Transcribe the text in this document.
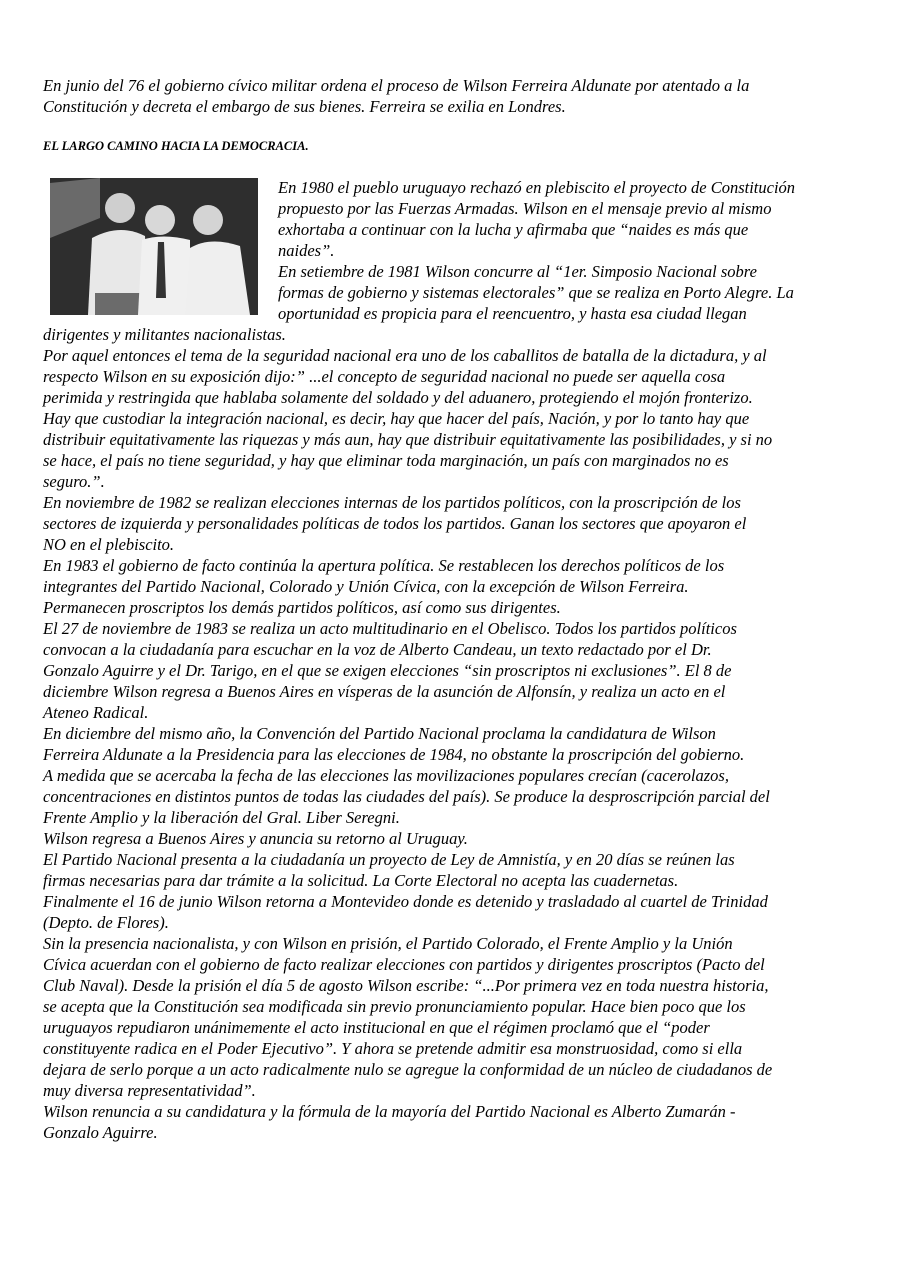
En junio del 76 el gobierno cívico militar ordena el proceso de Wilson Ferreira Aldunate por atentado a la
Constitución y decreta el embargo de sus bienes. Ferreira se exilia en Londres.
EL LARGO CAMINO HACIA LA DEMOCRACIA.
En 1980 el pueblo uruguayo rechazó en plebiscito el proyecto de Constitución
propuesto por las Fuerzas Armadas. Wilson en el mensaje previo al mismo
exhortaba a continuar con la lucha y afirmaba que “naides es más que
naides”.
En setiembre de 1981 Wilson concurre al “1er. Simposio Nacional sobre
formas de gobierno y sistemas electorales” que se realiza en Porto Alegre. La
oportunidad es propicia para el reencuentro, y hasta esa ciudad llegan
dirigentes y militantes nacionalistas.
Por aquel entonces el tema de la seguridad nacional era uno de los caballitos de batalla de la dictadura, y al
respecto Wilson en su exposición dijo:” ...el concepto de seguridad nacional no puede ser aquella cosa
perimida y restringida que hablaba solamente del soldado y del aduanero, protegiendo el mojón fronterizo.
Hay que custodiar la integración nacional, es decir, hay que hacer del país, Nación, y por lo tanto hay que
distribuir equitativamente las riquezas y más aun, hay que distribuir equitativamente las posibilidades, y si no
se hace, el país no tiene seguridad, y hay que eliminar toda marginación, un país con marginados no es
seguro.”.
En noviembre de 1982 se realizan elecciones internas de los partidos políticos, con la proscripción de los
sectores de izquierda y personalidades políticas de todos los partidos. Ganan los sectores que apoyaron el
NO en el plebiscito.
En 1983 el gobierno de facto continúa la apertura política. Se restablecen los derechos políticos de los
integrantes del Partido Nacional, Colorado y Unión Cívica, con la excepción de Wilson Ferreira.
Permanecen proscriptos los demás partidos políticos, así como sus dirigentes.
El 27 de noviembre de 1983 se realiza un acto multitudinario en el Obelisco. Todos los partidos políticos
convocan a la ciudadanía para escuchar en la voz de Alberto Candeau, un texto redactado por el Dr.
Gonzalo Aguirre y el Dr. Tarigo, en el que se exigen elecciones “sin proscriptos ni exclusiones”. El 8 de
diciembre Wilson regresa a Buenos Aires en vísperas de la asunción de Alfonsín, y realiza un acto en el
Ateneo Radical.
En diciembre del mismo año, la Convención del Partido Nacional proclama la candidatura de Wilson
Ferreira Aldunate a la Presidencia para las elecciones de 1984, no obstante la proscripción del gobierno.
A medida que se acercaba la fecha de las elecciones las movilizaciones populares crecían (cacerolazos,
concentraciones en distintos puntos de todas las ciudades del país). Se produce la desproscripción parcial del
Frente Amplio y la liberación del Gral. Liber Seregni.
Wilson regresa a Buenos Aires y anuncia su retorno al Uruguay.
El Partido Nacional presenta a la ciudadanía un proyecto de Ley de Amnistía, y en 20 días se reúnen las
firmas necesarias para dar trámite a la solicitud. La Corte Electoral no acepta las cuadernetas.
Finalmente el 16 de junio Wilson retorna a Montevideo donde es detenido y trasladado al cuartel de Trinidad
(Depto. de Flores).
Sin la presencia nacionalista, y con Wilson en prisión, el Partido Colorado, el Frente Amplio y la Unión
Cívica acuerdan con el gobierno de facto realizar elecciones con partidos y dirigentes proscriptos (Pacto del
Club Naval). Desde la prisión el día 5 de agosto Wilson escribe: “...Por primera vez en toda nuestra historia,
se acepta que la Constitución sea modificada sin previo pronunciamiento popular. Hace bien poco que los
uruguayos repudiaron unánimemente el acto institucional en que el régimen proclamó que el “poder
constituyente radica en el Poder Ejecutivo”. Y ahora se pretende admitir esa monstruosidad, como si ella
dejara de serlo porque a un acto radicalmente nulo se agregue la conformidad de un núcleo de ciudadanos de
muy diversa representatividad”.
Wilson renuncia a su candidatura y la fórmula de la mayoría del Partido Nacional es Alberto Zumarán -
Gonzalo Aguirre.
